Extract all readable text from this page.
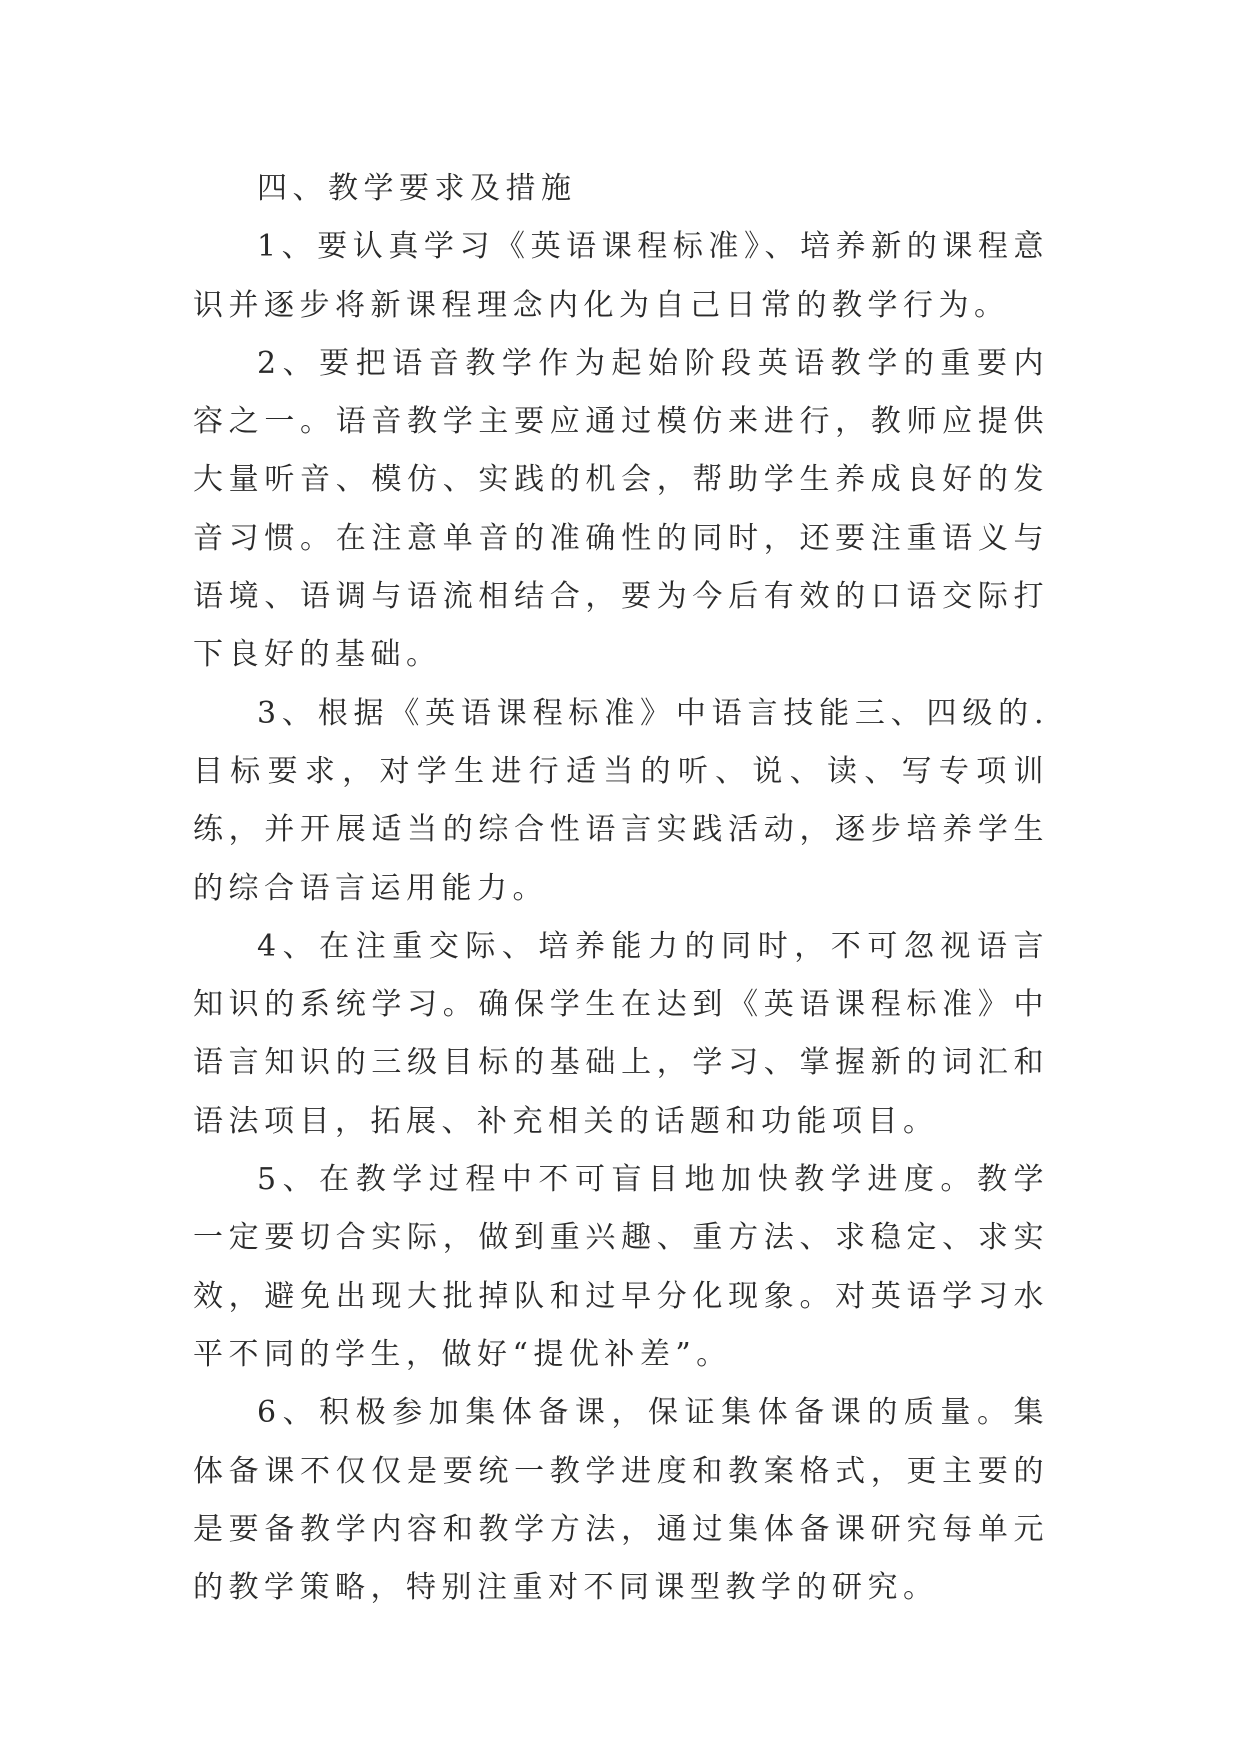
四、教学要求及措施

1、要认真学习《英语课程标准》、培养新的课程意识并逐步将新课程理念内化为自己日常的教学行为。

2、要把语音教学作为起始阶段英语教学的重要内容之一。语音教学主要应通过模仿来进行，教师应提供大量听音、模仿、实践的机会，帮助学生养成良好的发音习惯。在注意单音的准确性的同时，还要注重语义与语境、语调与语流相结合，要为今后有效的口语交际打下良好的基础。

3、根据《英语课程标准》中语言技能三、四级的.目标要求，对学生进行适当的听、说、读、写专项训练，并开展适当的综合性语言实践活动，逐步培养学生的综合语言运用能力。

4、在注重交际、培养能力的同时，不可忽视语言知识的系统学习。确保学生在达到《英语课程标准》中语言知识的三级目标的基础上，学习、掌握新的词汇和语法项目，拓展、补充相关的话题和功能项目。

5、在教学过程中不可盲目地加快教学进度。教学一定要切合实际，做到重兴趣、重方法、求稳定、求实效，避免出现大批掉队和过早分化现象。对英语学习水平不同的学生，做好“提优补差”。

6、积极参加集体备课，保证集体备课的质量。集体备课不仅仅是要统一教学进度和教案格式，更主要的是要备教学内容和教学方法，通过集体备课研究每单元的教学策略，特别注重对不同课型教学的研究。
